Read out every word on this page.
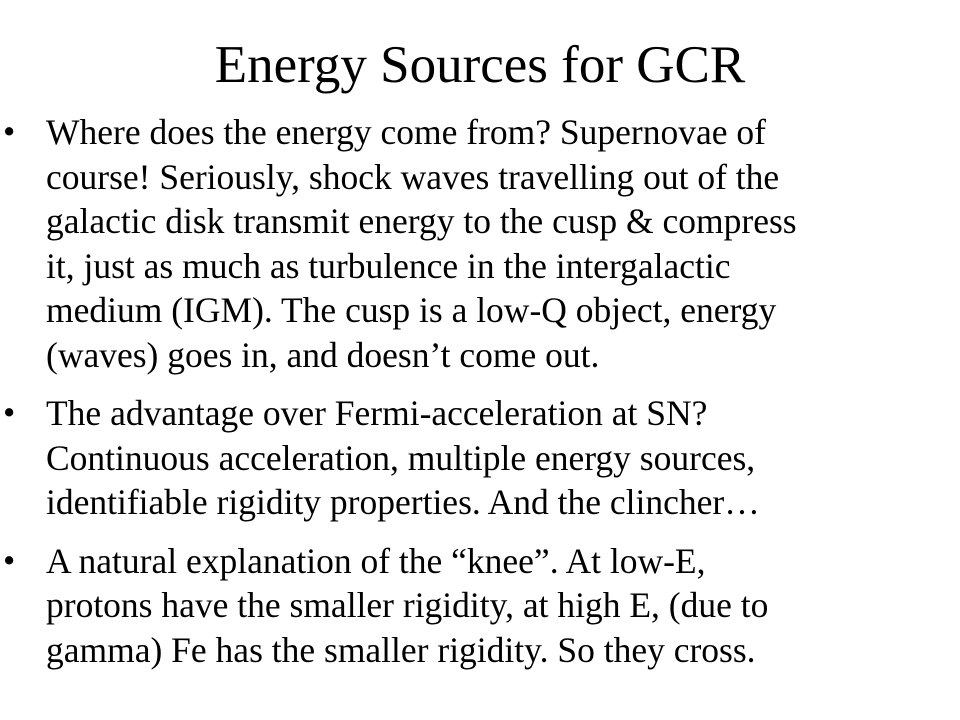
Energy Sources for GCR
• Where does the energy come from? Supernovae of
course! Seriously, shock waves travelling out of the
galactic disk transmit energy to the cusp & compress
it, just as much as turbulence in the intergalactic
medium (IGM). The cusp is a low-Q object, energy
(waves) goes in, and doesn’t come out.
• The advantage over Fermi-acceleration at SN?
Continuous acceleration, multiple energy sources,
identifiable rigidity properties. And the clincher…
• A natural explanation of the “knee”. At low-E,
protons have the smaller rigidity, at high E, (due to
gamma) Fe has the smaller rigidity. So they cross.
